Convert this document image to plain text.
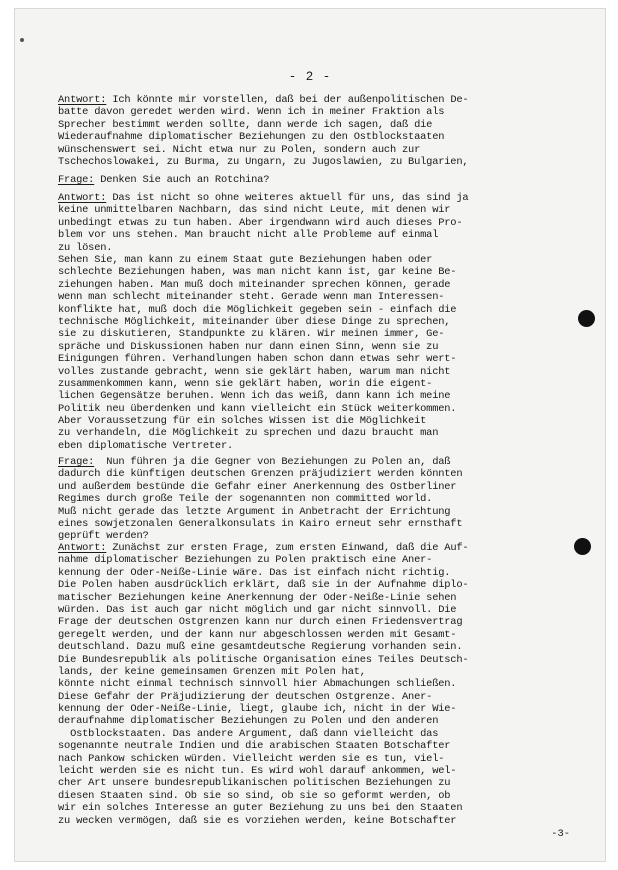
- 2 -
Antwort: Ich könnte mir vorstellen, daß bei der außenpolitischen De-
batte davon geredet werden wird. Wenn ich in meiner Fraktion als
Sprecher bestimmt werden sollte, dann werde ich sagen, daß die
Wiederaufnahme diplomatischer Beziehungen zu den Ostblockstaaten
wünschenswert sei. Nicht etwa nur zu Polen, sondern auch zur
Tschechoslowakei, zu Burma, zu Ungarn, zu Jugoslawien, zu Bulgarien,
Frage: Denken Sie auch an Rotchina?
Antwort: Das ist nicht so ohne weiteres aktuell für uns, das sind ja
keine unmittelbaren Nachbarn, das sind nicht Leute, mit denen wir
unbedingt etwas zu tun haben. Aber irgendwann wird auch dieses Pro-
blem vor uns stehen. Man braucht nicht alle Probleme auf einmal
zu lösen.
Sehen Sie, man kann zu einem Staat gute Beziehungen haben oder
schlechte Beziehungen haben, was man nicht kann ist, gar keine Be-
ziehungen haben. Man muß doch miteinander sprechen können, gerade
wenn man schlecht miteinander steht. Gerade wenn man Interessen-
konflikte hat, muß doch die Möglichkeit gegeben sein - einfach die
technische Möglichkeit, miteinander über diese Dinge zu sprechen,
sie zu diskutieren, Standpunkte zu klären. Wir meinen immer, Ge-
spräche und Diskussionen haben nur dann einen Sinn, wenn sie zu
Einigungen führen. Verhandlungen haben schon dann etwas sehr wert-
volles zustande gebracht, wenn sie geklärt haben, warum man nicht
zusammenkommen kann, wenn sie geklärt haben, worin die eigent-
lichen Gegensätze beruhen. Wenn ich das weiß, dann kann ich meine
Politik neu überdenken und kann vielleicht ein Stück weiterkommen.
Aber Voraussetzung für ein solches Wissen ist die Möglichkeit
zu verhandeln, die Möglichkeit zu sprechen und dazu braucht man
eben diplomatische Vertreter.
Frage:  Nun führen ja die Gegner von Beziehungen zu Polen an, daß
dadurch die künftigen deutschen Grenzen präjudiziert werden könnten
und außerdem bestünde die Gefahr einer Anerkennung des Ostberliner
Regimes durch große Teile der sogenannten non committed world.
Muß nicht gerade das letzte Argument in Anbetracht der Errichtung
eines sowjetzonalen Generalkonsulats in Kairo erneut sehr ernsthaft
geprüft werden?
Antwort: Zunächst zur ersten Frage, zum ersten Einwand, daß die Auf-
nahme diplomatischer Beziehungen zu Polen praktisch eine Aner-
kennung der Oder-Neiße-Linie wäre. Das ist einfach nicht richtig.
Die Polen haben ausdrücklich erklärt, daß sie in der Aufnahme diplo-
matischer Beziehungen keine Anerkennung der Oder-Neiße-Linie sehen
würden. Das ist auch gar nicht möglich und gar nicht sinnvoll. Die
Frage der deutschen Ostgrenzen kann nur durch einen Friedensvertrag
geregelt werden, und der kann nur abgeschlossen werden mit Gesamt-
deutschland. Dazu muß eine gesamtdeutsche Regierung vorhanden sein.
Die Bundesrepublik als politische Organisation eines Teiles Deutsch-
lands, der keine gemeinsamen Grenzen mit Polen hat,
könnte nicht einmal technisch sinnvoll hier Abmachungen schließen.
Diese Gefahr der Präjudizierung der deutschen Ostgrenze. Aner-
kennung der Oder-Neiße-Linie, liegt, glaube ich, nicht in der Wie-
deraufnahme diplomatischer Beziehungen zu Polen und den anderen
Ostblockstaaten. Das andere Argument, daß dann vielleicht das
sogenannte neutrale Indien und die arabischen Staaten Botschafter
nach Pankow schicken würden. Vielleicht werden sie es tun, viel-
leicht werden sie es nicht tun. Es wird wohl darauf ankommen, wel-
cher Art unsere bundesrepublikanischen politischen Beziehungen zu
diesen Staaten sind. Ob sie so sind, ob sie so geformt werden, ob
wir ein solches Interesse an guter Beziehung zu uns bei den Staaten
zu wecken vermögen, daß sie es vorziehen werden, keine Botschafter
-3-
